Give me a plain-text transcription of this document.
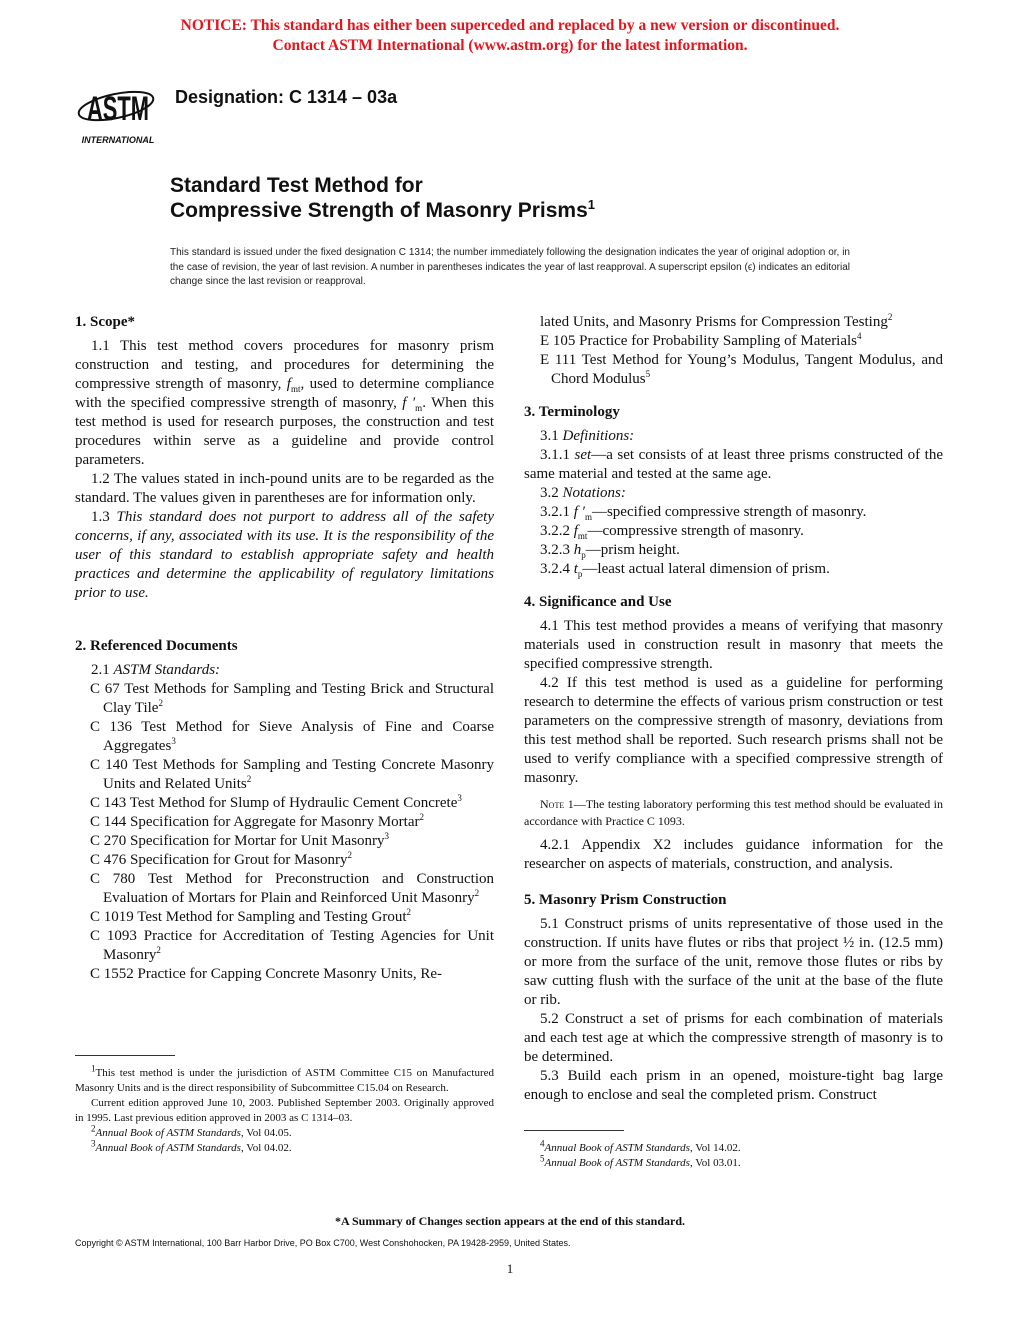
NOTICE: This standard has either been superceded and replaced by a new version or discontinued.
Contact ASTM International (www.astm.org) for the latest information.
ASTM
INTERNATIONAL
Designation: C 1314 – 03a
Standard Test Method for
Compressive Strength of Masonry Prisms$^1$
This standard is issued under the fixed designation C 1314; the number immediately following the designation indicates the year of original adoption or, in the case of revision, the year of last revision. A number in parentheses indicates the year of last reapproval. A superscript epsilon (ϵ) indicates an editorial change since the last revision or reapproval.
1. Scope*

1.1 This test method covers procedures for masonry prism construction and testing, and procedures for determining the compressive strength of masonry, $f_{mt}$, used to determine compliance with the specified compressive strength of masonry, f $'_m$. When this test method is used for research purposes, the construction and test procedures within serve as a guideline and provide control parameters.

1.2 The values stated in inch-pound units are to be regarded as the standard. The values given in parentheses are for information only.

1.3 This standard does not purport to address all of the safety concerns, if any, associated with its use. It is the responsibility of the user of this standard to establish appropriate safety and health practices and determine the applicability of regulatory limitations prior to use.

2. Referenced Documents

2.1 ASTM Standards:

C 67 Test Methods for Sampling and Testing Brick and Structural Clay Tile$^2$

C 136 Test Method for Sieve Analysis of Fine and Coarse Aggregates$^3$

C 140 Test Methods for Sampling and Testing Concrete Masonry Units and Related Units$^2$

C 143 Test Method for Slump of Hydraulic Cement Concrete$^3$

C 144 Specification for Aggregate for Masonry Mortar$^2$

C 270 Specification for Mortar for Unit Masonry$^3$

C 476 Specification for Grout for Masonry$^2$

C 780 Test Method for Preconstruction and Construction Evaluation of Mortars for Plain and Reinforced Unit Masonry$^2$

C 1019 Test Method for Sampling and Testing Grout$^2$

C 1093 Practice for Accreditation of Testing Agencies for Unit Masonry$^2$

C 1552 Practice for Capping Concrete Masonry Units, Re-

$^1$This test method is under the jurisdiction of ASTM Committee C15 on Manufactured Masonry Units and is the direct responsibility of Subcommittee C15.04 on Research.

Current edition approved June 10, 2003. Published September 2003. Originally approved in 1995. Last previous edition approved in 2003 as C 1314–03.

$^2$Annual Book of ASTM Standards, Vol 04.05.

$^3$Annual Book of ASTM Standards, Vol 04.02.

lated Units, and Masonry Prisms for Compression Testing$^2$

E 105 Practice for Probability Sampling of Materials$^4$

E 111 Test Method for Young’s Modulus, Tangent Modulus, and Chord Modulus$^5$

3. Terminology

3.1 Definitions:

3.1.1 set—a set consists of at least three prisms constructed of the same material and tested at the same age.

3.2 Notations:

3.2.1 f $'_m—specified$ compressive strength of masonry.

3.2.2 $f_{mt}—compressive$ strength of masonry.

3.2.3 $h_p—prism$ height.

3.2.4 $t_p—least$ actual lateral dimension of prism.

4. Significance and Use

4.1 This test method provides a means of verifying that masonry materials used in construction result in masonry that meets the specified compressive strength.

4.2 If this test method is used as a guideline for performing research to determine the effects of various prism construction or test parameters on the compressive strength of masonry, deviations from this test method shall be reported. Such research prisms shall not be used to verify compliance with a specified compressive strength of masonry.

Note 1—The testing laboratory performing this test method should be evaluated in accordance with Practice C 1093.

4.2.1 Appendix X2 includes guidance information for the researcher on aspects of materials, construction, and analysis.

5. Masonry Prism Construction

5.1 Construct prisms of units representative of those used in the construction. If units have flutes or ribs that project ½ in. (12.5 mm) or more from the surface of the unit, remove those flutes or ribs by saw cutting flush with the surface of the unit at the base of the flute or rib.

5.2 Construct a set of prisms for each combination of materials and each test age at which the compressive strength of masonry is to be determined.

5.3 Build each prism in an opened, moisture-tight bag large enough to enclose and seal the completed prism. Construct

$^4$Annual Book of ASTM Standards, Vol 14.02.

$^5$Annual Book of ASTM Standards, Vol 03.01.

*A Summary of Changes section appears at the end of this standard.
Copyright © ASTM International, 100 Barr Harbor Drive, PO Box C700, West Conshohocken, PA 19428-2959, United States.
1
